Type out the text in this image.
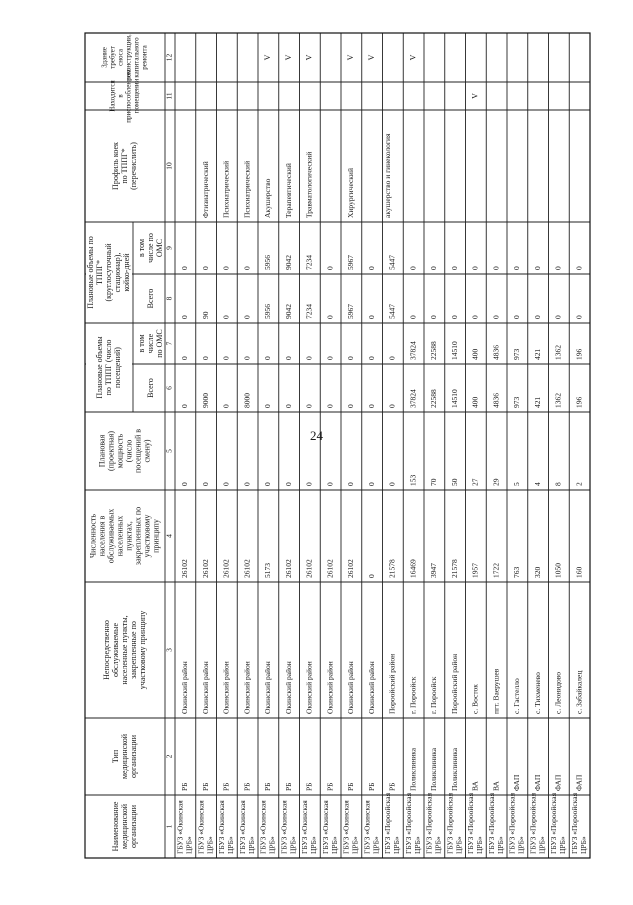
24
Наименование медицинской организации
Тип медицинской организации
Непосредственно обслуживаемые населенные пункты, закрепленные по участковому принципу
Численность населения в обслуживаемых населенных пунктах, закрепленных по участковому принципу
Плановая (проектная) мощность (число посещений в смену)
Плановые объемы по ТППГ (число посещений)
Всего
в том числе по ОМС
Плановые объемы по ТППГ* (круглосуточный стационар), койко-дней
Всего
в том числе по ОМС
Профиль коек по ТППГ* (перечислить)
Находится в приспособленном помещении
Здание требует сноса реконструкции, капитального ремонта
1
2
3
4
5
6
7
8
9
10
11
12
ГБУЗ «Окинская ЦРБ»
РБ
Окинский район
26102
0
0
0
0
0
ГБУЗ «Окинская ЦРБ»
РБ
Окинский район
26102
0
9000
0
90
0
Фтизиатрический
ГБУЗ «Окинская ЦРБ»
РБ
Окинский район
26102
0
0
0
0
0
Психиатрический
ГБУЗ «Окинская ЦРБ»
РБ
Окинский район
26102
0
8000
0
0
0
Психиатрический
ГБУЗ «Окинская ЦРБ»
РБ
Окинский район
5173
0
0
0
5956
5956
Акушерство
V
ГБУЗ «Окинская ЦРБ»
РБ
Окинский район
26102
0
0
0
9042
9042
Терапевтический
V
ГБУЗ «Окинская ЦРБ»
РБ
Окинский район
26102
0
0
0
7234
7234
Травматологический
V
ГБУЗ «Окинская ЦРБ»
РБ
Окинский район
26102
0
0
0
0
0
ГБУЗ «Окинская ЦРБ»
РБ
Окинский район
26102
0
0
0
5967
5967
Хирургический
V
ГБУЗ «Окинская ЦРБ»
РБ
Окинский район
0
0
0
0
0
0
V
ГБУЗ «Пороойская ЦРБ»
РБ
Пороойский район
21578
0
0
0
5447
5447
акушерство и гинекология
ГБУЗ «Пороойская ЦРБ»
Поликлиника
г. Пороойск
16469
153
37824
37824
0
0
V
ГБУЗ «Пороойская ЦРБ»
Поликлиника
г. Пороойск
3947
70
22588
22588
0
0
ГБУЗ «Пороойская ЦРБ»
Поликлиника
Пороойский район
21578
50
14510
14510
0
0
ГБУЗ «Пороойская ЦРБ»
ВА
с. Восток
1957
27
400
400
0
0
V
ГБУЗ «Пороойская ЦРБ»
ВА
пгт. Ваерушев
1722
29
4836
4836
0
0
ГБУЗ «Пороойская ЦРБ»
ФАП
с. Гастелло
763
5
973
973
0
0
ГБУЗ «Пороойская ЦРБ»
ФАП
с. Тихменево
320
4
421
421
0
0
ГБУЗ «Пороойская ЦРБ»
ФАП
с. Леонидово
1050
8
1362
1362
0
0
ГБУЗ «Пороойская ЦРБ»
ФАП
с. Забайкалец
160
2
196
196
0
0
